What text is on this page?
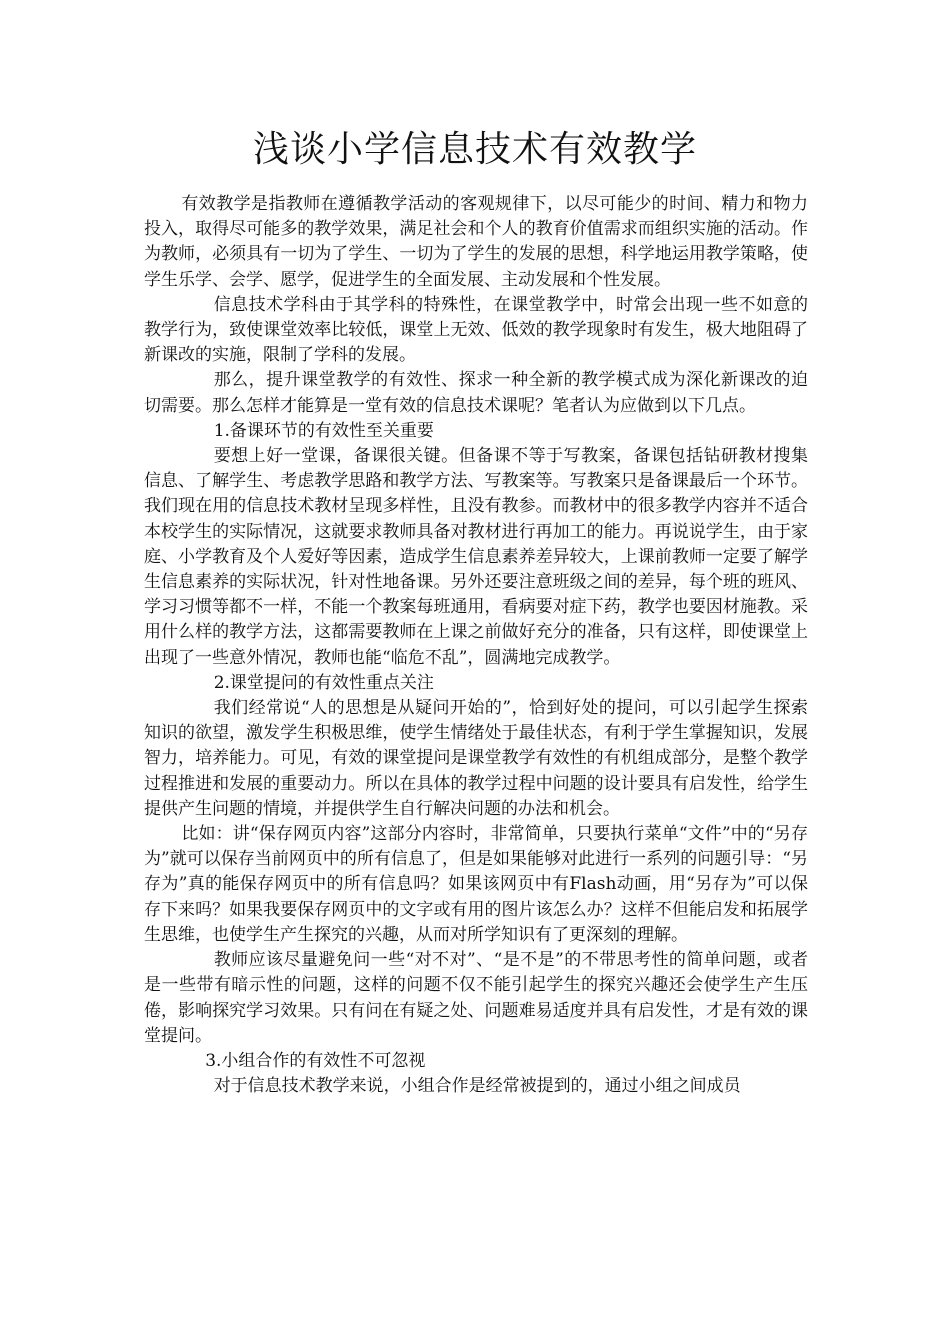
浅谈小学信息技术有效教学

有效教学是指教师在遵循教学活动的客观规律下，以尽可能少的时间、精力和物力投入，取得尽可能多的教学效果，满足社会和个人的教育价值需求而组织实施的活动。作为教师，必须具有一切为了学生、一切为了学生的发展的思想，科学地运用教学策略，使学生乐学、会学、愿学，促进学生的全面发展、主动发展和个性发展。

信息技术学科由于其学科的特殊性，在课堂教学中，时常会出现一些不如意的教学行为，致使课堂效率比较低，课堂上无效、低效的教学现象时有发生，极大地阻碍了新课改的实施，限制了学科的发展。

那么，提升课堂教学的有效性、探求一种全新的教学模式成为深化新课改的迫切需要。那么怎样才能算是一堂有效的信息技术课呢？笔者认为应做到以下几点。

1.备课环节的有效性至关重要

要想上好一堂课，备课很关键。但备课不等于写教案，备课包括钻研教材搜集信息、了解学生、考虑教学思路和教学方法、写教案等。写教案只是备课最后一个环节。我们现在用的信息技术教材呈现多样性，且没有教参。而教材中的很多教学内容并不适合本校学生的实际情况，这就要求教师具备对教材进行再加工的能力。再说说学生，由于家庭、小学教育及个人爱好等因素，造成学生信息素养差异较大，上课前教师一定要了解学生信息素养的实际状况，针对性地备课。另外还要注意班级之间的差异，每个班的班风、学习习惯等都不一样，不能一个教案每班通用，看病要对症下药，教学也要因材施教。采用什么样的教学方法，这都需要教师在上课之前做好充分的准备，只有这样，即使课堂上出现了一些意外情况，教师也能“临危不乱”，圆满地完成教学。

2.课堂提问的有效性重点关注

我们经常说“人的思想是从疑问开始的”，恰到好处的提问，可以引起学生探索知识的欲望，激发学生积极思维，使学生情绪处于最佳状态，有利于学生掌握知识，发展智力，培养能力。可见，有效的课堂提问是课堂教学有效性的有机组成部分，是整个教学过程推进和发展的重要动力。所以在具体的教学过程中问题的设计要具有启发性，给学生提供产生问题的情境，并提供学生自行解决问题的办法和机会。

比如：讲“保存网页内容”这部分内容时，非常简单，只要执行菜单“文件”中的“另存为”就可以保存当前网页中的所有信息了，但是如果能够对此进行一系列的问题引导：“另存为”真的能保存网页中的所有信息吗？如果该网页中有Flash动画，用“另存为”可以保存下来吗？如果我要保存网页中的文字或有用的图片该怎么办？这样不但能启发和拓展学生思维，也使学生产生探究的兴趣，从而对所学知识有了更深刻的理解。

教师应该尽量避免问一些“对不对”、“是不是”的不带思考性的简单问题，或者是一些带有暗示性的问题，这样的问题不仅不能引起学生的探究兴趣还会使学生产生压倦，影响探究学习效果。只有问在有疑之处、问题难易适度并具有启发性，才是有效的课堂提问。

3.小组合作的有效性不可忽视

对于信息技术教学来说，小组合作是经常被提到的，通过小组之间成员
